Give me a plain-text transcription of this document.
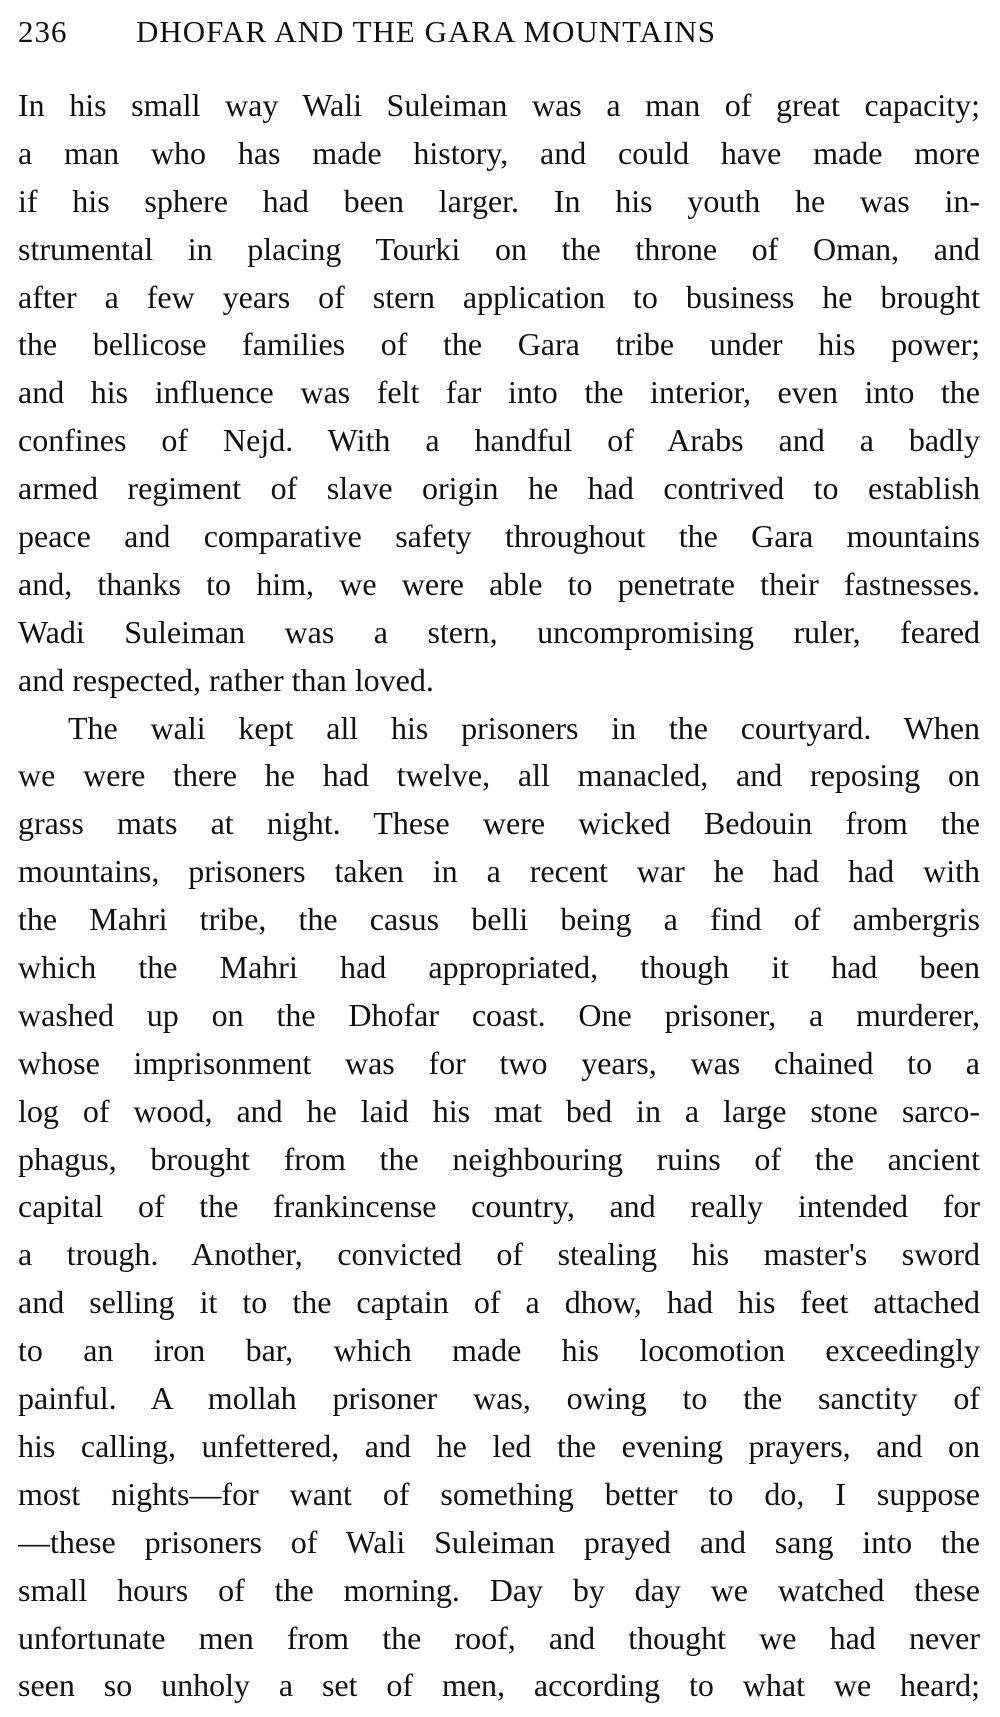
236 DHOFAR AND THE GARA MOUNTAINS
In his small way Wali Suleiman was a man of great capacity;
a man who has made history, and could have made more
if his sphere had been larger. In his youth he was in-
strumental in placing Tourki on the throne of Oman, and
after a few years of stern application to business he brought
the bellicose families of the Gara tribe under his power;
and his influence was felt far into the interior, even into the
confines of Nejd. With a handful of Arabs and a badly
armed regiment of slave origin he had contrived to establish
peace and comparative safety throughout the Gara mountains
and, thanks to him, we were able to penetrate their fastnesses.
Wadi Suleiman was a stern, uncompromising ruler, feared
and respected, rather than loved.
The wali kept all his prisoners in the courtyard. When
we were there he had twelve, all manacled, and reposing on
grass mats at night. These were wicked Bedouin from the
mountains, prisoners taken in a recent war he had had with
the Mahri tribe, the casus belli being a find of ambergris
which the Mahri had appropriated, though it had been
washed up on the Dhofar coast. One prisoner, a murderer,
whose imprisonment was for two years, was chained to a
log of wood, and he laid his mat bed in a large stone sarco-
phagus, brought from the neighbouring ruins of the ancient
capital of the frankincense country, and really intended for
a trough. Another, convicted of stealing his master's sword
and selling it to the captain of a dhow, had his feet attached
to an iron bar, which made his locomotion exceedingly
painful. A mollah prisoner was, owing to the sanctity of
his calling, unfettered, and he led the evening prayers, and on
most nights—for want of something better to do, I suppose
—these prisoners of Wali Suleiman prayed and sang into the
small hours of the morning. Day by day we watched these
unfortunate men from the roof, and thought we had never
seen so unholy a set of men, according to what we heard;
